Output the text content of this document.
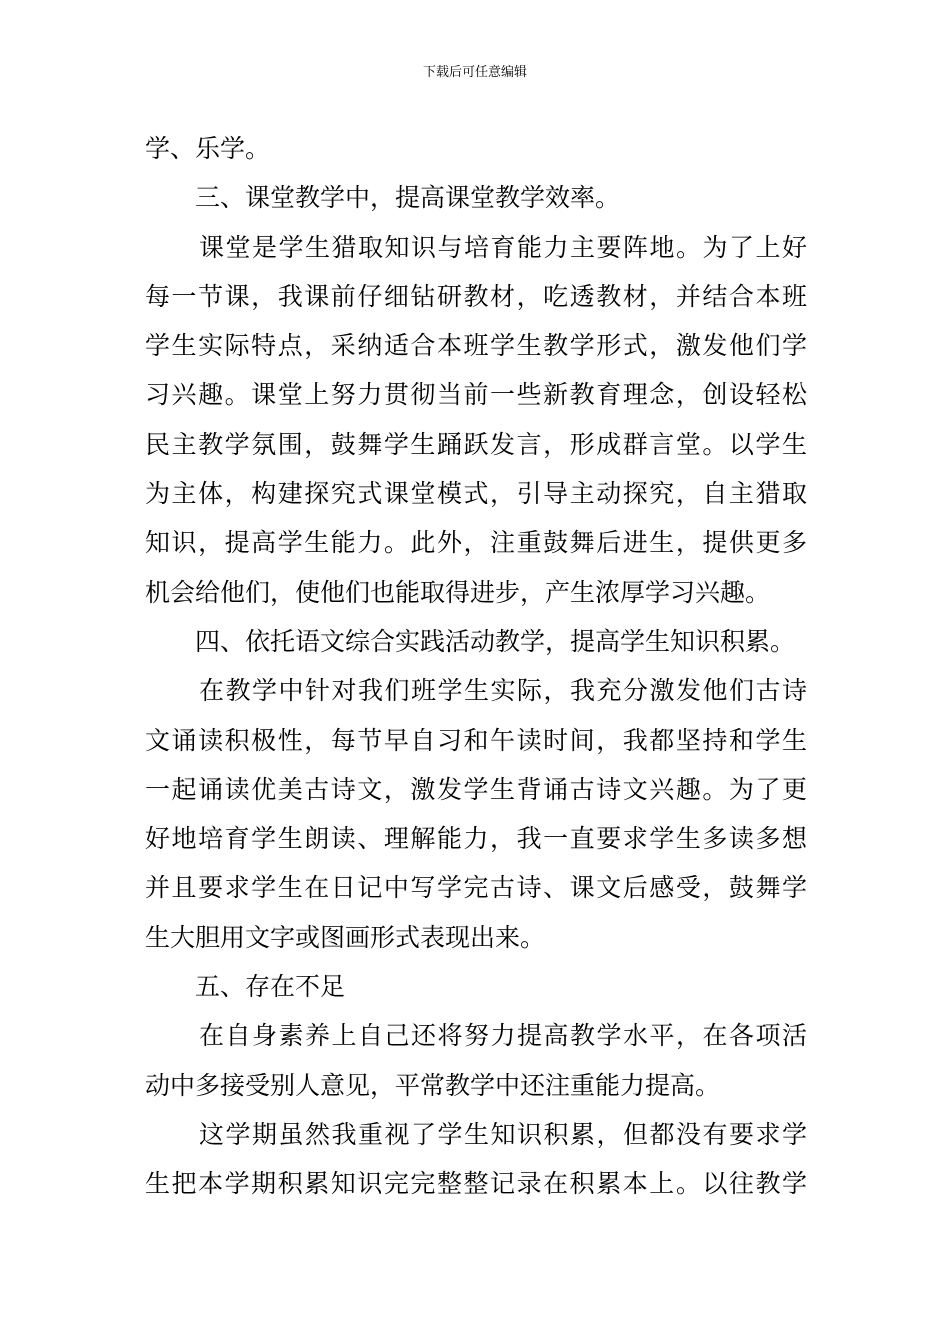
下载后可任意编辑
学、乐学。
三、课堂教学中，提高课堂教学效率。
课堂是学生猎取知识与培育能力主要阵地。为了上好
每一节课，我课前仔细钻研教材，吃透教材，并结合本班
学生实际特点，采纳适合本班学生教学形式，激发他们学
习兴趣。课堂上努力贯彻当前一些新教育理念，创设轻松
民主教学氛围，鼓舞学生踊跃发言，形成群言堂。以学生
为主体，构建探究式课堂模式，引导主动探究，自主猎取
知识，提高学生能力。此外，注重鼓舞后进生，提供更多
机会给他们，使他们也能取得进步，产生浓厚学习兴趣。
四、依托语文综合实践活动教学，提高学生知识积累。
在教学中针对我们班学生实际，我充分激发他们古诗
文诵读积极性，每节早自习和午读时间，我都坚持和学生
一起诵读优美古诗文，激发学生背诵古诗文兴趣。为了更
好地培育学生朗读、理解能力，我一直要求学生多读多想
并且要求学生在日记中写学完古诗、课文后感受，鼓舞学
生大胆用文字或图画形式表现出来。
五、存在不足
在自身素养上自己还将努力提高教学水平，在各项活
动中多接受别人意见，平常教学中还注重能力提高。
这学期虽然我重视了学生知识积累，但都没有要求学
生把本学期积累知识完完整整记录在积累本上。以往教学
